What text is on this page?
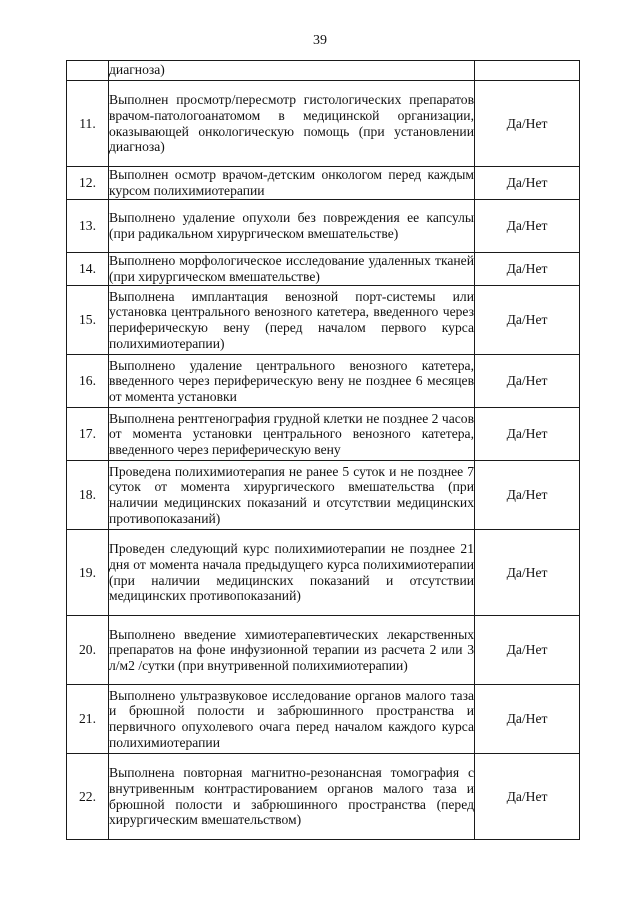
39
	диагноза)	
11.	Выполнен просмотр/пересмотр гистологических препаратов врачом-патологоанатомом в медицинской организации, оказывающей онкологическую помощь (при установлении диагноза)	Да/Нет
12.	Выполнен осмотр врачом-детским онкологом перед каждым курсом полихимиотерапии	Да/Нет
13.	Выполнено удаление опухоли без повреждения ее капсулы (при радикальном хирургическом вмешательстве)	Да/Нет
14.	Выполнено морфологическое исследование удаленных тканей (при хирургическом вмешательстве)	Да/Нет
15.	Выполнена имплантация венозной порт-системы или установка центрального венозного катетера, введенного через периферическую вену (перед началом первого курса полихимиотерапии)	Да/Нет
16.	Выполнено удаление центрального венозного катетера, введенного через периферическую вену не позднее 6 месяцев от момента установки	Да/Нет
17.	Выполнена рентгенография грудной клетки не позднее 2 часов от момента установки центрального венозного катетера, введенного через периферическую вену	Да/Нет
18.	Проведена полихимиотерапия не ранее 5 суток и не позднее 7 суток от момента хирургического вмешательства (при наличии медицинских показаний и отсутствии медицинских противопоказаний)	Да/Нет
19.	Проведен следующий курс полихимиотерапии не позднее 21 дня от момента начала предыдущего курса полихимиотерапии (при наличии медицинских показаний и отсутствии медицинских противопоказаний)	Да/Нет
20.	Выполнено введение химиотерапевтических лекарственных препаратов на фоне инфузионной терапии из расчета 2 или 3 л/м2 /сутки (при внутривенной полихимиотерапии)	Да/Нет
21.	Выполнено ультразвуковое исследование органов малого таза и брюшной полости и забрюшинного пространства и первичного опухолевого очага перед началом каждого курса полихимиотерапии	Да/Нет
22.	Выполнена повторная магнитно-резонансная томография с внутривенным контрастированием органов малого таза и брюшной полости и забрюшинного пространства (перед хирургическим вмешательством)	Да/Нет
